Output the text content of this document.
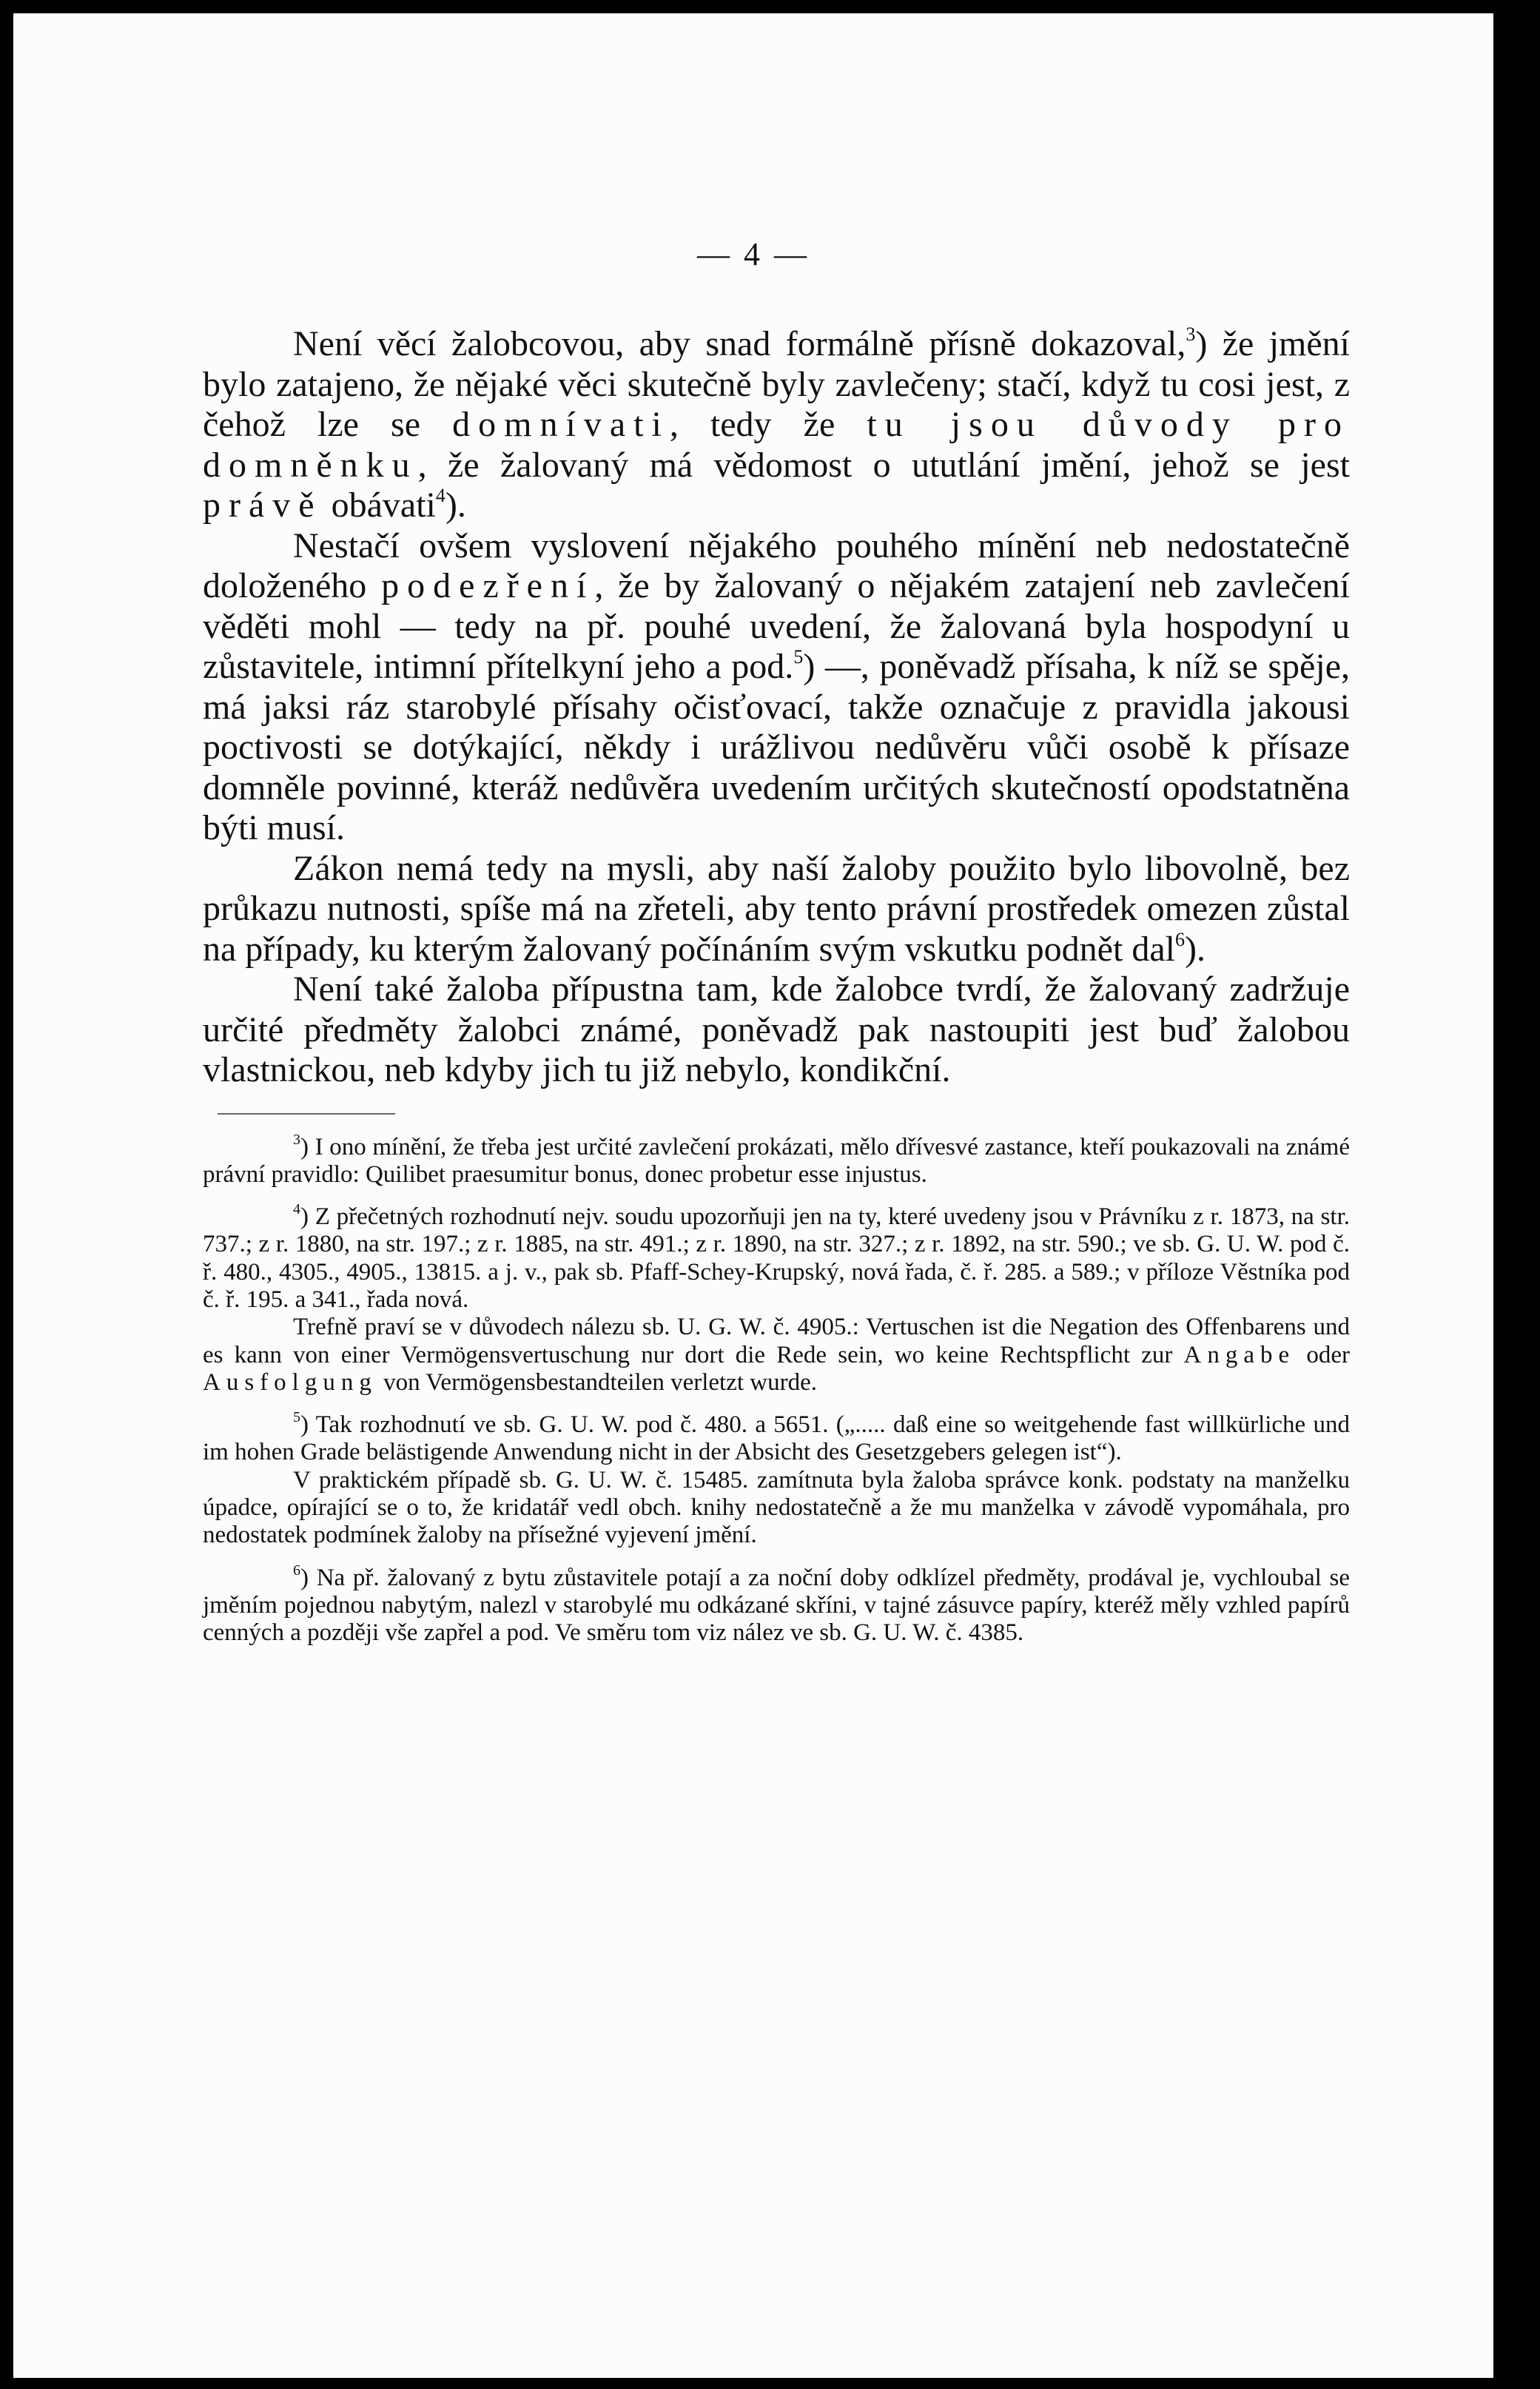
— 4 —

Není věcí žalobcovou, aby snad formálně přísně dokazoval,$^3$) že jmění bylo zatajeno, že nějaké věci skutečně byly zavlečeny; stačí, když tu cosi jest, z čehož lze se domnívati, tedy že tu jsou důvody pro domněnku, že žalovaný má vědomost o ututlání jmění, jehož se jest právě obávati$^4$).

Nestačí ovšem vyslovení nějakého pouhého mínění neb nedostatečně doloženého podezření, že by žalovaný o nějakém zatajení neb zavlečení věděti mohl — tedy na př. pouhé uvedení, že žalovaná byla hospodyní u zůstavitele, intimní přítelkyní jeho a pod.$^5$) —, poněvadž přísaha, k níž se spěje, má jaksi ráz starobylé přísahy očisťovací, takže označuje z pravidla jakousi poctivosti se dotýkající, někdy i urážlivou nedůvěru vůči osobě k přísaze domněle povinné, kteráž nedůvěra uvedením určitých skutečností opodstatněna býti musí.

Zákon nemá tedy na mysli, aby naší žaloby použito bylo libovolně, bez průkazu nutnosti, spíše má na zřeteli, aby tento právní prostředek omezen zůstal na případy, ku kterým žalovaný počínáním svým vskutku podnět dal$^6$).

Není také žaloba přípustna tam, kde žalobce tvrdí, že žalovaný zadržuje určité předměty žalobci známé, poněvadž pak nastoupiti jest buď žalobou vlastnickou, neb kdyby jich tu již nebylo, kondikční.

$^3$) I ono mínění, že třeba jest určité zavlečení prokázati, mělo dřívesvé zastance, kteří poukazovali na známé právní pravidlo: Quilibet praesumitur bonus, donec probetur esse injustus.

$^4$) Z přečetných rozhodnutí nejv. soudu upozorňuji jen na ty, které uvedeny jsou v Právníku z r. 1873, na str. 737.; z r. 1880, na str. 197.; z r. 1885, na str. 491.; z r. 1890, na str. 327.; z r. 1892, na str. 590.; ve sb. G. U. W. pod č. ř. 480., 4305., 4905., 13815. a j. v., pak sb. Pfaff-Schey-Krupský, nová řada, č. ř. 285. a 589.; v příloze Věstníka pod č. ř. 195. a 341., řada nová.

Trefně praví se v důvodech nálezu sb. U. G. W. č. 4905.: Vertuschen ist die Negation des Offenbarens und es kann von einer Vermögensvertuschung nur dort die Rede sein, wo keine Rechtspflicht zur Angabe oder Ausfolgung von Vermögensbestandteilen verletzt wurde.

$^5$) Tak rozhodnutí ve sb. G. U. W. pod č. 480. a 5651. („..... daß eine so weitgehende fast willkürliche und im hohen Grade belästigende Anwendung nicht in der Absicht des Gesetzgebers gelegen ist“).

V praktickém případě sb. G. U. W. č. 15485. zamítnuta byla žaloba správce konk. podstaty na manželku úpadce, opírající se o to, že kridatář vedl obch. knihy nedostatečně a že mu manželka v závodě vypomáhala, pro nedostatek podmínek žaloby na přísežné vyjevení jmění.

$^6$) Na př. žalovaný z bytu zůstavitele potají a za noční doby odklízel předměty, prodával je, vychloubal se jměním pojednou nabytým, nalezl v starobylé mu odkázané skříni, v tajné zásuvce papíry, kteréž měly vzhled papírů cenných a později vše zapřel a pod. Ve směru tom viz nález ve sb. G. U. W. č. 4385.
